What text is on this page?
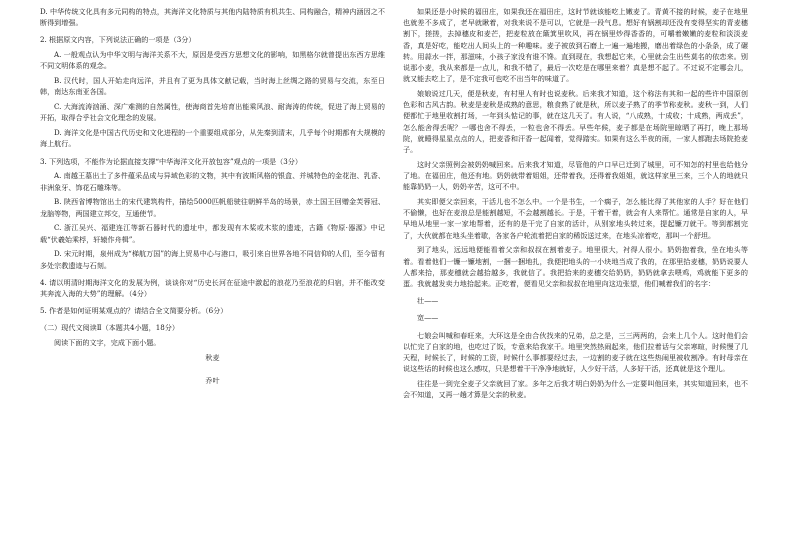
D. 中华传统文化具有多元同构的特点，其海洋文化特质与其他内陆特质有机共生、同构融合，精神内涵因之不断得到增强。

2. 根据原文内容，下列说法正确的一项是（3分）

A. 一般观点认为中华文明与海洋关系不大，原因是受西方思想文化的影响，如黑格尔就曾提出东西方思维不同文明体系的观念。

B. 汉代时，国人开始走向远洋，并且有了更为具体文献记载，当时海上丝绸之路的贸易与交流，东至日韩，南达东南亚各国。

C. 大海流涛汹涌、深广难测的自然属性，使海商首先培育出能乘风浪、耐海涛的传统，促进了海上贸易的开拓，取得合乎社会文化理念的发展。

D. 海洋文化是中国古代历史和文化进程的一个重要组成部分，从先秦到清末，几乎每个时期都有大规模的海上航行。

3. 下列选项，不能作为论据直接支撑“中华海洋文化开放包容”观点的一项是（3分）

A. 南越王墓出土了多件蕴采品成与异域色彩的文物，其中有波斯风格的银盒、并城特色的金花泡、乳香、非洲象牙、饰花石雕珠等。

B. 陕西省博物馆出土的宋代建筑构件，描绘5000匹帆船驶往朝鲜半岛的场景，赤土国王回赠金芙蓉冠、龙脑等物，两国建立邦交，互通使节。

C. 浙江吴兴、福建连江等新石器时代的遗址中，都发现有木桨或木浆的遗迹，古籍《物原·器源》中记载“伏羲始乘桴，轩辕作舟楫”。

D. 宋元时期，泉州成为“梯航万国”的海上贸易中心与港口，吸引来自世界各地不同信仰的人们，至今留有多处宗教遗迹与石刻。

4. 请以明清时期海洋文化的发展为例，谈谈你对“历史长河在征途中激起的浪花乃至浪花的归宿，并不能改变其奔流入海的大势”的理解。（4分）

5. 作者是如何证明某观点的？请结合全文简要分析。（6分）

（二）现代文阅读Ⅱ（本题共4小题，18分）

阅读下面的文字，完成下面小题。

秋麦

乔叶

如果还是小时候的福田庄，如果我还在福田庄，这时节就该能吃上嫩麦了。青黄不接的时候，麦子在地里也就差不多成了，老早就瞅着，对我来说不是可以，它就是一段气息。想好有锅割却还没有变得坚实的青麦穗割下，搓搓，去掉穗皮和麦芒，把麦粒放在簸箕里吹风，再在锅里炒得香香的，可嚼着嫩嫩的麦粒和淡淡麦香，真是好吃，能吃出人间头上的一种趣味。麦子被放到石磨上一遍一遍地搬，磨出着绿色的小条条，成了碾转。用蒜水一拌，那滋味，小孩子家没有谁不馋。直到现在，我想起它来，心里就会生出些莫名的依恋来。别说那小麦，我从来都是一点儿，和我不错了，最后一次吃是在哪里来着？真是想不起了。不过说不定哪会儿，就又能去吃上了，是不定我可也吃不出当年的味道了。

娘娘说过几天，便是秋麦，有村里人有时也说麦秋。后来我才知道，这个称法有其和一起的些许中国原创色彩和古风古韵。秋麦是麦秋是成熟的意思，粮食熟了就是秋，所以麦子熟了的季节称麦秋。麦秋一到，人们便都忙于地里收割打场，一年到头惦记的事，就在这几天了。有人说，“八成熟，十成收；十成熟，两成丢”，怎么能舍得丢呢？一哪也舍不得丢，一粒也舍不得丢。早些年候，麦子都是在场院里晾晒了再打，晚上那场院，就睡得星星点点的人，把麦香和汗香一起闻着，觉得踏实。如果有这么半夜的雨，一家人都跑去场院抢麦子。

这时父亲照例会被奶奶喊回来。后来我才知道，尽管他的户口早已迁到了城里，可不知怎的村里也给他分了地。在福田庄，他还有地。奶奶就带着姐姐，还带着我，还得着我姐姐，就这样家里三来，三个人的地就只能靠奶奶一人，奶奶辛苦，这可不中。

其实即便父亲回来，干活儿也不怎么中。一个是书生，一个瘸子，怎么能比得了其他家的人手？好在他们不偷懒，也好在麦浪总是能割越短，不会越割越长。于是，干着干着，就会有人来帮忙。通常是自家的人，早早地从地里一家一家地帮着，还有的是干完了自家的活计，从别家地头转过来，提起镰刀就干。等到都割完了，大伙就都在地头坐着歇，各家各户轮流着把自家的稀饭送过来，在地头凉着吃，那叫一个舒坦。

到了地头，远远地便能看着父亲和叔叔在割着麦子。地里很大，衬得人很小。奶奶抱着我，坐在地头等着。看着他们一镰一镰地割，一捆一捆地扎，我便把地头的一小块地当成了我的，在那里拾麦穗，奶奶说要人人都来拾，那麦穗就会越拾越多，我就信了。我把拾来的麦穗交给奶奶，奶奶就拿去喂鸡，鸡就能下更多的蛋。我就越发卖力地拾起来。正吃着，便看见父亲和叔叔在地里向这边张望，他们喊着我们的名字：

壮——

宽——

七娘会叫喊和春旺来，大环这是全由合伙找来的兄弟，总之是，三三两两的，会来上几个人。这时他们会以忙完了自家的地，也吃过了饭，专意来给我家干。地里突然热闹起来，他们拉着话与父亲寒暄，时候慢了几天程，时候长了，时候的工资，时候什么事都要经过去，一边割的麦子就在这些热闹里被收割净。有时母亲在说这些话的时候也这么感叹，只是想着干干净净地就好，人少好干活，人多好干活，还真就是这个理儿。

往往是一到完全麦子父亲就回了家。多年之后我才明白奶奶为什么一定要叫他回来，其实知道回来，也不会不知道，又再一趟才算是父亲的秋麦。
